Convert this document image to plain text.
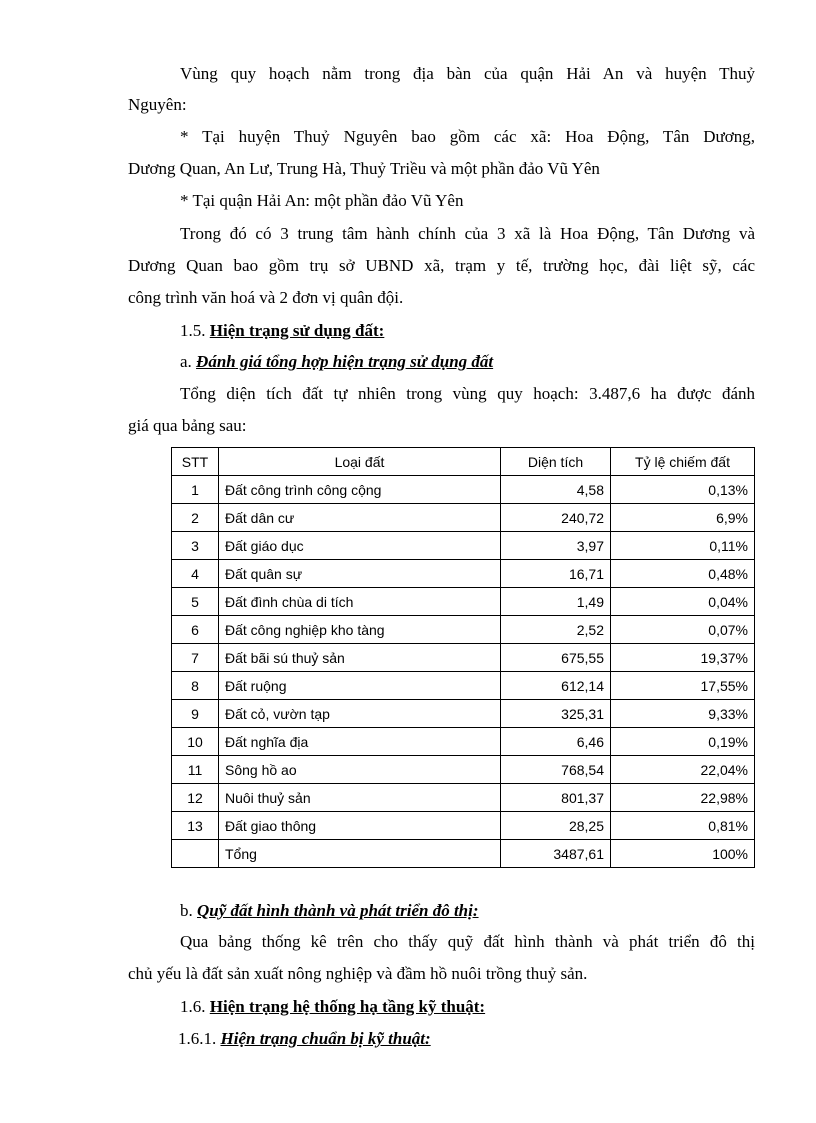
Vùng quy hoạch nằm trong địa bàn của quận Hải An và huyện Thuỷ

Nguyên:

* Tại huyện Thuỷ Nguyên bao gồm các xã: Hoa Động, Tân Dương,

Dương Quan, An Lư, Trung Hà, Thuỷ Triều và một phần đảo Vũ Yên

* Tại quận Hải An: một phần đảo Vũ Yên

Trong đó có 3 trung tâm hành chính của 3 xã là Hoa Động, Tân Dương và

Dương Quan bao gồm trụ sở UBND xã, trạm y tế, trường học, đài liệt sỹ, các

công trình văn hoá và 2 đơn vị quân đội.

1.5. Hiện trạng sử dụng đất:

a. Đánh giá tổng hợp hiện trạng sử dụng đất

Tổng diện tích đất tự nhiên trong vùng quy hoạch: 3.487,6 ha được đánh

giá qua bảng sau:

STT	Loại đất	Diện tích	Tỷ lệ chiếm đất
1	Đất công trình công cộng	4,58	0,13%
2	Đất dân cư	240,72	6,9%
3	Đất giáo dục	3,97	0,11%
4	Đất quân sự	16,71	0,48%
5	Đất đình chùa di tích	1,49	0,04%
6	Đất công nghiệp kho tàng	2,52	0,07%
7	Đất bãi sú thuỷ sản	675,55	19,37%
8	Đất ruộng	612,14	17,55%
9	Đất cỏ, vườn tạp	325,31	9,33%
10	Đất nghĩa địa	6,46	0,19%
11	Sông hồ ao	768,54	22,04%
12	Nuôi thuỷ sản	801,37	22,98%
13	Đất giao thông	28,25	0,81%
	Tổng	3487,61	100%

b. Quỹ đất hình thành và phát triển đô thị:

Qua bảng thống kê trên cho thấy quỹ đất hình thành và phát triển đô thị

chủ yếu là đất sản xuất nông nghiệp và đầm hồ nuôi trồng thuỷ sản.

1.6. Hiện trạng hệ thống hạ tầng kỹ thuật:

1.6.1. Hiện trạng chuẩn bị kỹ thuật:
